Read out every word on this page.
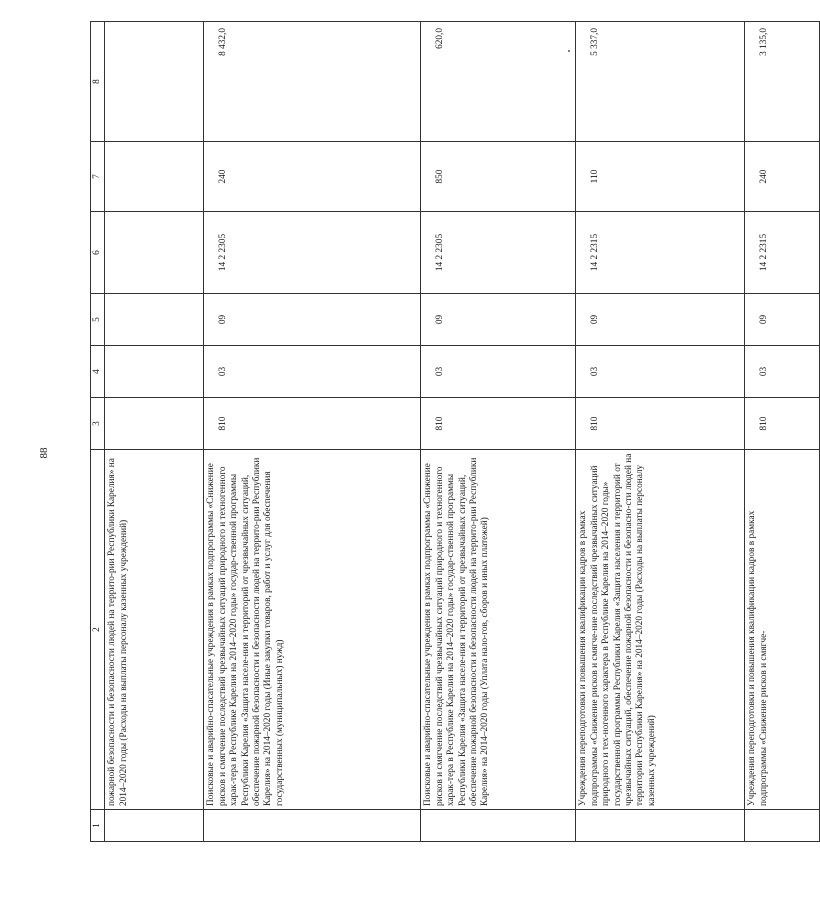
88
1	2	3	4	5	6	7	8
	пожарной безопасности и безопасности людей на террито-рии Республики Карелия» на 2014–2020 годы (Расходы на выплаты персоналу казенных учреждений)						
	Поисковые и аварийно-спасательные учреждения в рамках подпрограммы «Снижение рисков и смягчение последствий чрезвычайных ситуаций природного и техногенного харак-тера в Республике Карелия на 2014–2020 годы» государ-ственной программы Республики Карелия «Защита населе-ния и территорий от чрезвычайных ситуаций, обеспечение пожарной безопасности и безопасности людей на террито-рии Республики Карелия» на 2014–2020 годы (Иные закупки товаров, работ и услуг для обеспечения государственных (муниципальных) нужд)	810	03	09	14 2 2305	240	8 432,0
	Поисковые и аварийно-спасательные учреждения в рамках подпрограммы «Снижение рисков и смягчение последствий чрезвычайных ситуаций природного и техногенного харак-тера в Республике Карелия на 2014–2020 годы» государ-ственной программы Республики Карелия «Защита населе-ния и территорий от чрезвычайных ситуаций, обеспечение пожарной безопасности и безопасности людей на террито-рии Республики Карелия» на 2014–2020 годы (Уплата нало-гов, сборов и иных платежей)	810	03	09	14 2 2305	850	620,0
	Учреждения переподготовки и повышения квалификации кадров в рамках подпрограммы «Снижение рисков и смягче-ние последствий чрезвычайных ситуаций природного и тех-ногенного характера в Республике Карелия на 2014–2020 годы» государственной программы Республики Карелия «Защита населения и территорий от чрезвычайных ситуаций, обеспечение пожарной безопасности и безопасно-сти людей на территории Республики Карелия» на 2014–2020 годы (Расходы на выплаты персоналу казенных учреждений)	810	03	09	14 2 2315	110	5 337,0
	Учреждения переподготовки и повышения квалификации кадров в рамках подпрограммы «Снижение рисков и смягче-	810	03	09	14 2 2315	240	3 135,0
